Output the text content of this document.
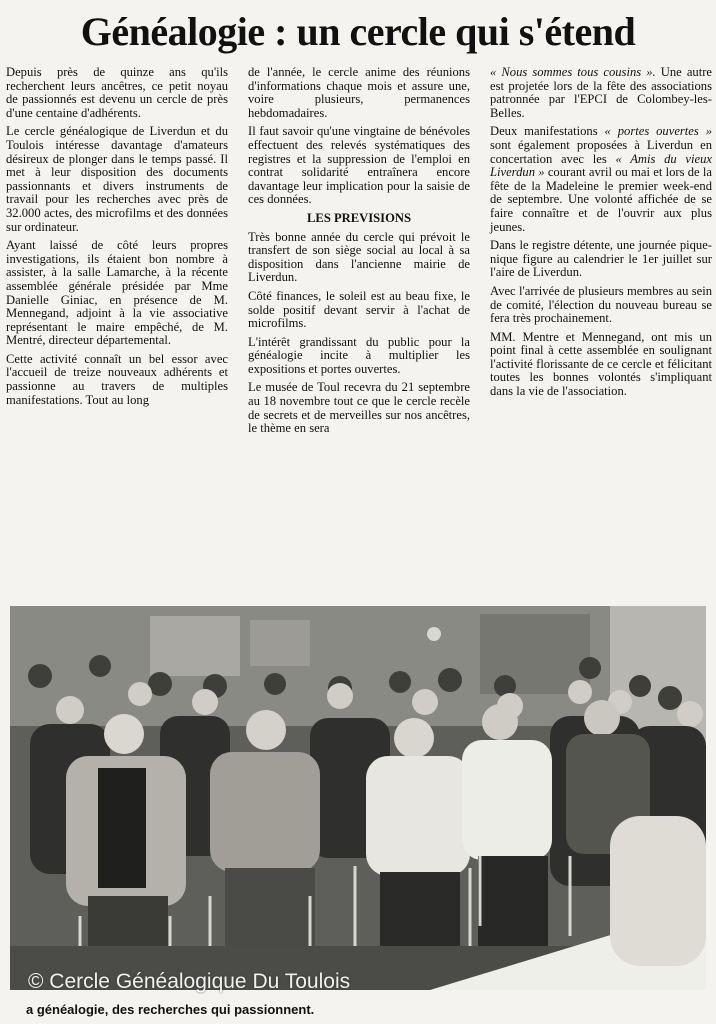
Généalogie : un cercle qui s'étend

Depuis près de quinze ans qu'ils recherchent leurs ancêtres, ce petit noyau de passionnés est devenu un cercle de près d'une centaine d'adhérents.

Le cercle généalogique de Liverdun et du Toulois intéresse davantage d'amateurs désireux de plonger dans le temps passé. Il met à leur disposition des documents passionnants et divers instruments de travail pour les recherches avec près de 32.000 actes, des microfilms et des données sur ordinateur.

Ayant laissé de côté leurs propres investigations, ils étaient bon nombre à assister, à la salle Lamarche, à la récente assemblée générale présidée par Mme Danielle Giniac, en présence de M. Mennegand, adjoint à la vie associative représentant le maire empêché, de M. Mentré, directeur départemental.

Cette activité connaît un bel essor avec l'accueil de treize nouveaux adhérents et passionne au travers de multiples manifestations. Tout au long

de l'année, le cercle anime des réunions d'informations chaque mois et assure une, voire plusieurs, permanences hebdomadaires.

Il faut savoir qu'une vingtaine de bénévoles effectuent des relevés systématiques des registres et la suppression de l'emploi en contrat solidarité entraînera encore davantage leur implication pour la saisie de ces données.

LES PREVISIONS

Très bonne année du cercle qui prévoit le transfert de son siège social au local à sa disposition dans l'ancienne mairie de Liverdun.

Côté finances, le soleil est au beau fixe, le solde positif devant servir à l'achat de microfilms.

L'intérêt grandissant du public pour la généalogie incite à multiplier les expositions et portes ouvertes.

Le musée de Toul recevra du 21 septembre au 18 novembre tout ce que le cercle recèle de secrets et de merveilles sur nos ancêtres, le thème en sera

« Nous sommes tous cousins ». Une autre est projetée lors de la fête des associations patronnée par l'EPCI de Colombey-les-Belles.

Deux manifestations « portes ouvertes » sont également proposées à Liverdun en concertation avec les « Amis du vieux Liverdun » courant avril ou mai et lors de la fête de la Madeleine le premier week-end de septembre. Une volonté affichée de se faire connaître et de l'ouvrir aux plus jeunes.

Dans le registre détente, une journée pique-nique figure au calendrier le 1er juillet sur l'aire de Liverdun.

Avec l'arrivée de plusieurs membres au sein de comité, l'élection du nouveau bureau se fera très prochainement.

MM. Mentre et Mennegand, ont mis un point final à cette assemblée en soulignant l'activité florissante de ce cercle et félicitant toutes les bonnes volontés s'impliquant dans la vie de l'association.

© Cercle Généalogique Du Toulois
a généalogie, des recherches qui passionnent.
